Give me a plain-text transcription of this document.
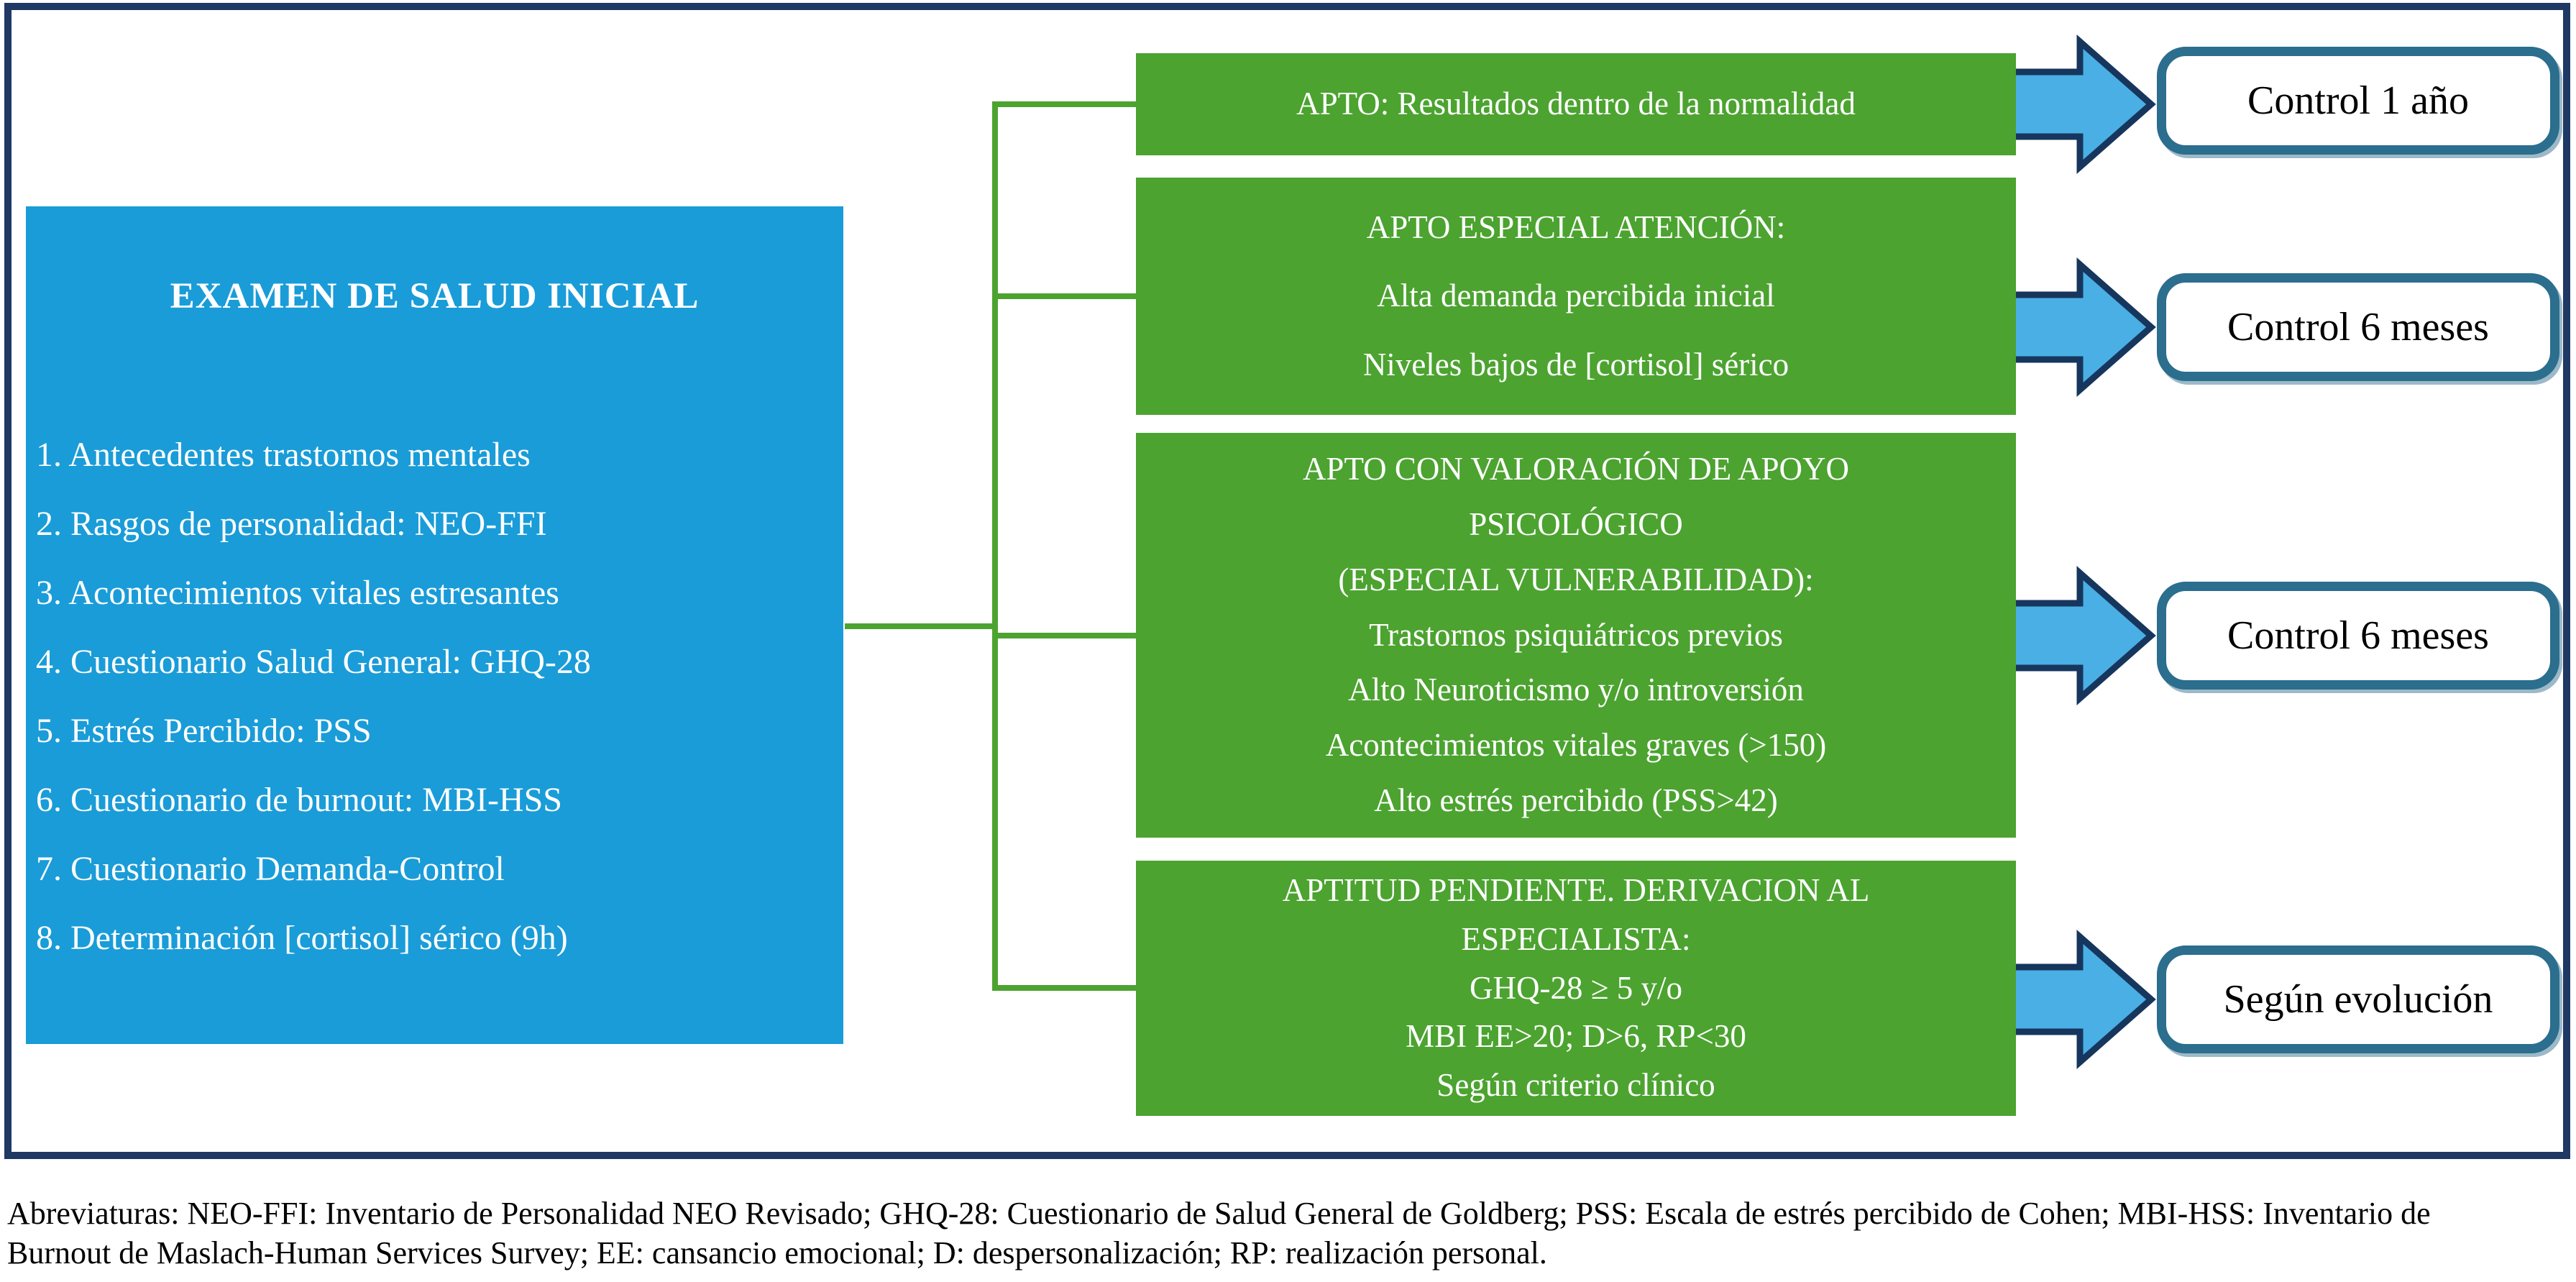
EXAMEN DE SALUD INICIAL
1. Antecedentes trastornos mentales
2. Rasgos de personalidad: NEO-FFI
3. Acontecimientos vitales estresantes
4. Cuestionario Salud General: GHQ-28
5. Estrés Percibido: PSS
6. Cuestionario de burnout: MBI-HSS
7. Cuestionario Demanda-Control
8. Determinación [cortisol] sérico (9h)
APTO: Resultados dentro de la normalidad
APTO ESPECIAL ATENCIÓN:
Alta demanda percibida inicial
Niveles bajos de [cortisol] sérico
APTO CON VALORACIÓN DE APOYO
PSICOLÓGICO
(ESPECIAL VULNERABILIDAD):
Trastornos psiquiátricos previos
Alto Neuroticismo y/o introversión
Acontecimientos vitales graves (>150)
Alto estrés percibido (PSS>42)
APTITUD PENDIENTE. DERIVACION AL
ESPECIALISTA:
GHQ-28 ≥ 5 y/o
MBI EE>20; D>6, RP<30
Según criterio clínico
Control 1 año
Control 6 meses
Control 6 meses
Según evolución
Abreviaturas: NEO-FFI: Inventario de Personalidad NEO Revisado; GHQ-28: Cuestionario de Salud General de Goldberg; PSS: Escala de estrés percibido de Cohen; MBI-HSS: Inventario de
Burnout de Maslach-Human Services Survey; EE: cansancio emocional; D: despersonalización; RP: realización personal.
